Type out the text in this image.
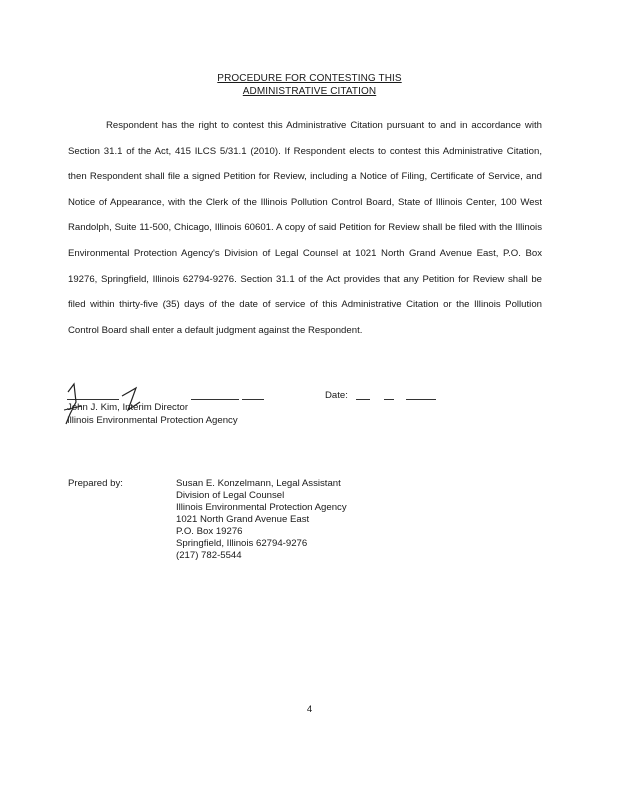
PROCEDURE FOR CONTESTING THIS
ADMINISTRATIVE CITATION

Respondent has the right to contest this Administrative Citation pursuant to and in accordance with Section 31.1 of the Act, 415 ILCS 5/31.1 (2010). If Respondent elects to contest this Administrative Citation, then Respondent shall file a signed Petition for Review, including a Notice of Filing, Certificate of Service, and Notice of Appearance, with the Clerk of the Illinois Pollution Control Board, State of Illinois Center, 100 West Randolph, Suite 11-500, Chicago, Illinois 60601. A copy of said Petition for Review shall be filed with the Illinois Environmental Protection Agency's Division of Legal Counsel at 1021 North Grand Avenue East, P.O. Box 19276, Springfield, Illinois 62794-9276. Section 31.1 of the Act provides that any Petition for Review shall be filed within thirty-five (35) days of the date of service of this Administrative Citation or the Illinois Pollution Control Board shall enter a default judgment against the Respondent.

John J. Kim, Interim Director
Illinois Environmental Protection Agency
Date:
Prepared by:	Susan E. Konzelmann, Legal Assistant
Division of Legal Counsel
Illinois Environmental Protection Agency
1021 North Grand Avenue East
P.O. Box 19276
Springfield, Illinois 62794-9276
(217) 782-5544
4
